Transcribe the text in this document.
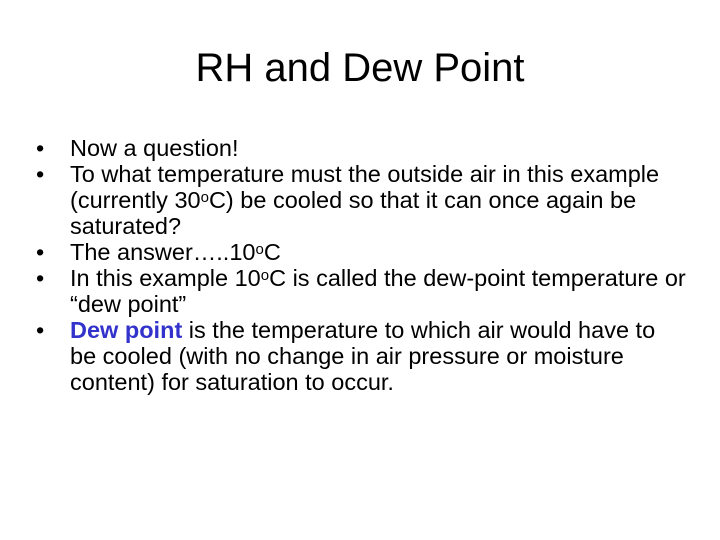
RH and Dew Point
• Now a question!
• To what temperature must the outside air in this example (currently 30$^o$C) be cooled so that it can once again be saturated?
• The answer…..10$^o$C
• In this example 10$^o$C is called the dew-point temperature or “dew point”
• Dew point is the temperature to which air would have to be cooled (with no change in air pressure or moisture content) for saturation to occur.
